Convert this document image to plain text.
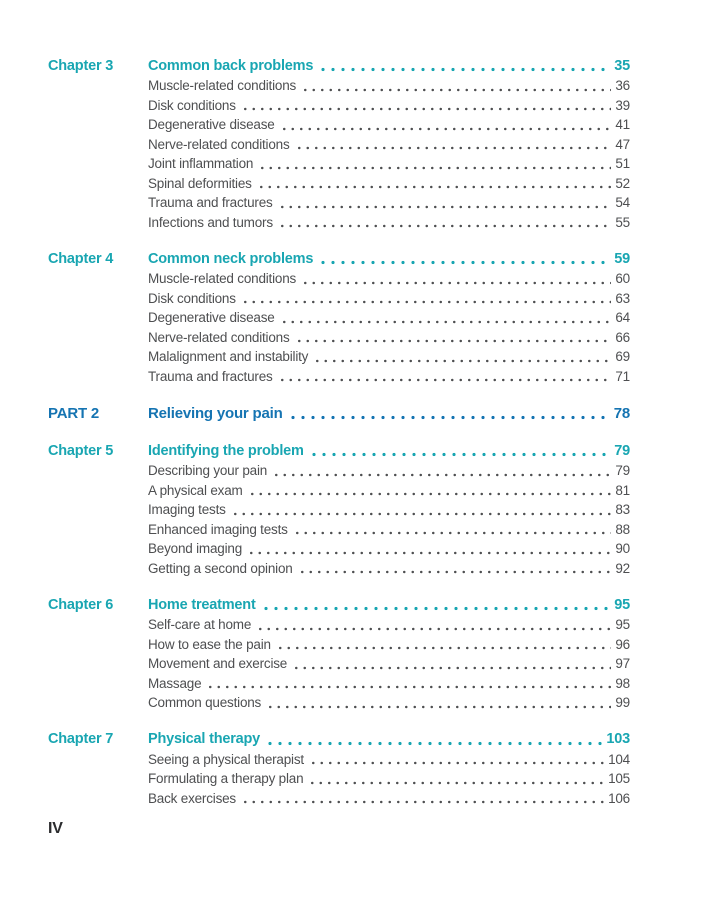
Chapter 3	Common back problems	35
Muscle-related conditions	36
Disk conditions	39
Degenerative disease	41
Nerve-related conditions	47
Joint inflammation	51
Spinal deformities	52
Trauma and fractures	54
Infections and tumors	55
Chapter 4	Common neck problems	59
Muscle-related conditions	60
Disk conditions	63
Degenerative disease	64
Nerve-related conditions	66
Malalignment and instability	69
Trauma and fractures	71
PART 2	Relieving your pain	78
Chapter 5	Identifying the problem	79
Describing your pain	79
A physical exam	81
Imaging tests	83
Enhanced imaging tests	88
Beyond imaging	90
Getting a second opinion	92
Chapter 6	Home treatment	95
Self-care at home	95
How to ease the pain	96
Movement and exercise	97
Massage	98
Common questions	99
Chapter 7	Physical therapy	103
Seeing a physical therapist	104
Formulating a therapy plan	105
Back exercises	106
IV
